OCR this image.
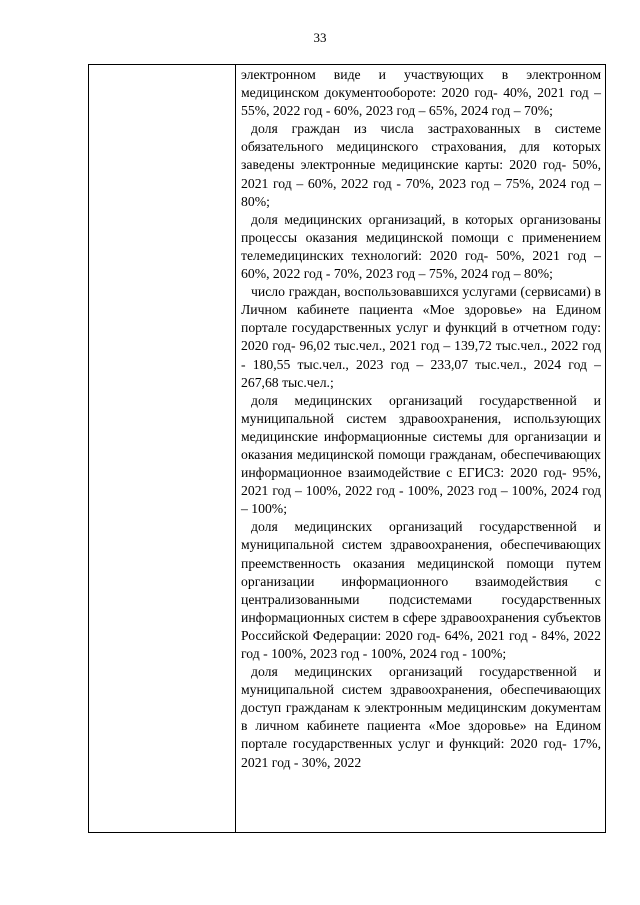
33

электронном виде и участвующих в электронном медицинском документообороте: 2020 год- 40%, 2021 год – 55%, 2022 год - 60%, 2023 год – 65%, 2024 год – 70%;

доля граждан из числа застрахованных в системе обязательного медицинского страхования, для которых заведены электронные медицинские карты: 2020 год- 50%, 2021 год – 60%, 2022 год - 70%, 2023 год – 75%, 2024 год – 80%;

доля медицинских организаций, в которых организованы процессы оказания медицинской помощи с применением телемедицинских технологий: 2020 год- 50%, 2021 год – 60%, 2022 год - 70%, 2023 год – 75%, 2024 год – 80%;

число граждан, воспользовавшихся услугами (сервисами) в Личном кабинете пациента «Мое здоровье» на Едином портале государственных услуг и функций в отчетном году: 2020 год- 96,02 тыс.чел., 2021 год – 139,72 тыс.чел., 2022 год - 180,55 тыс.чел., 2023 год – 233,07 тыс.чел., 2024 год – 267,68 тыс.чел.;

доля медицинских организаций государственной и муниципальной систем здравоохранения, использующих медицинские информационные системы для организации и оказания медицинской помощи гражданам, обеспечивающих информационное взаимодействие с ЕГИСЗ: 2020 год- 95%, 2021 год – 100%, 2022 год - 100%, 2023 год – 100%, 2024 год – 100%;

доля медицинских организаций государственной и муниципальной систем здравоохранения, обеспечивающих преемственность оказания медицинской помощи путем организации информационного взаимодействия с централизованными подсистемами государственных информационных систем в сфере здравоохранения субъектов Российской Федерации: 2020 год- 64%, 2021 год - 84%, 2022 год - 100%, 2023 год - 100%, 2024 год - 100%;

доля медицинских организаций государственной и муниципальной систем здравоохранения, обеспечивающих доступ гражданам к электронным медицинским документам в личном кабинете пациента «Мое здоровье» на Едином портале государственных услуг и функций: 2020 год- 17%, 2021 год - 30%, 2022
